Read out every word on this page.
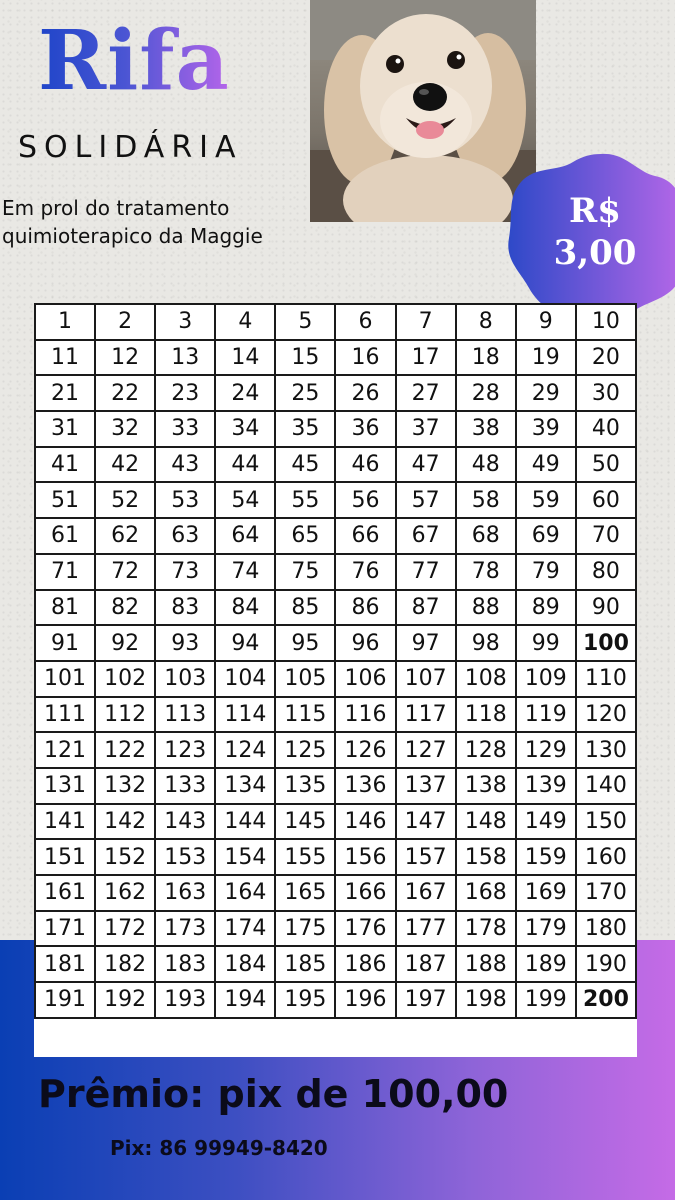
Rifa
SOLIDÁRIA
Em prol do tratamento
quimioterapico da Maggie
R$
3,00
1	2	3	4	5	6	7	8	9	10
11	12	13	14	15	16	17	18	19	20
21	22	23	24	25	26	27	28	29	30
31	32	33	34	35	36	37	38	39	40
41	42	43	44	45	46	47	48	49	50
51	52	53	54	55	56	57	58	59	60
61	62	63	64	65	66	67	68	69	70
71	72	73	74	75	76	77	78	79	80
81	82	83	84	85	86	87	88	89	90
91	92	93	94	95	96	97	98	99	100
101	102	103	104	105	106	107	108	109	110
111	112	113	114	115	116	117	118	119	120
121	122	123	124	125	126	127	128	129	130
131	132	133	134	135	136	137	138	139	140
141	142	143	144	145	146	147	148	149	150
151	152	153	154	155	156	157	158	159	160
161	162	163	164	165	166	167	168	169	170
171	172	173	174	175	176	177	178	179	180
181	182	183	184	185	186	187	188	189	190
191	192	193	194	195	196	197	198	199	200
Prêmio: pix de 100,00
Pix: 86 99949-8420
